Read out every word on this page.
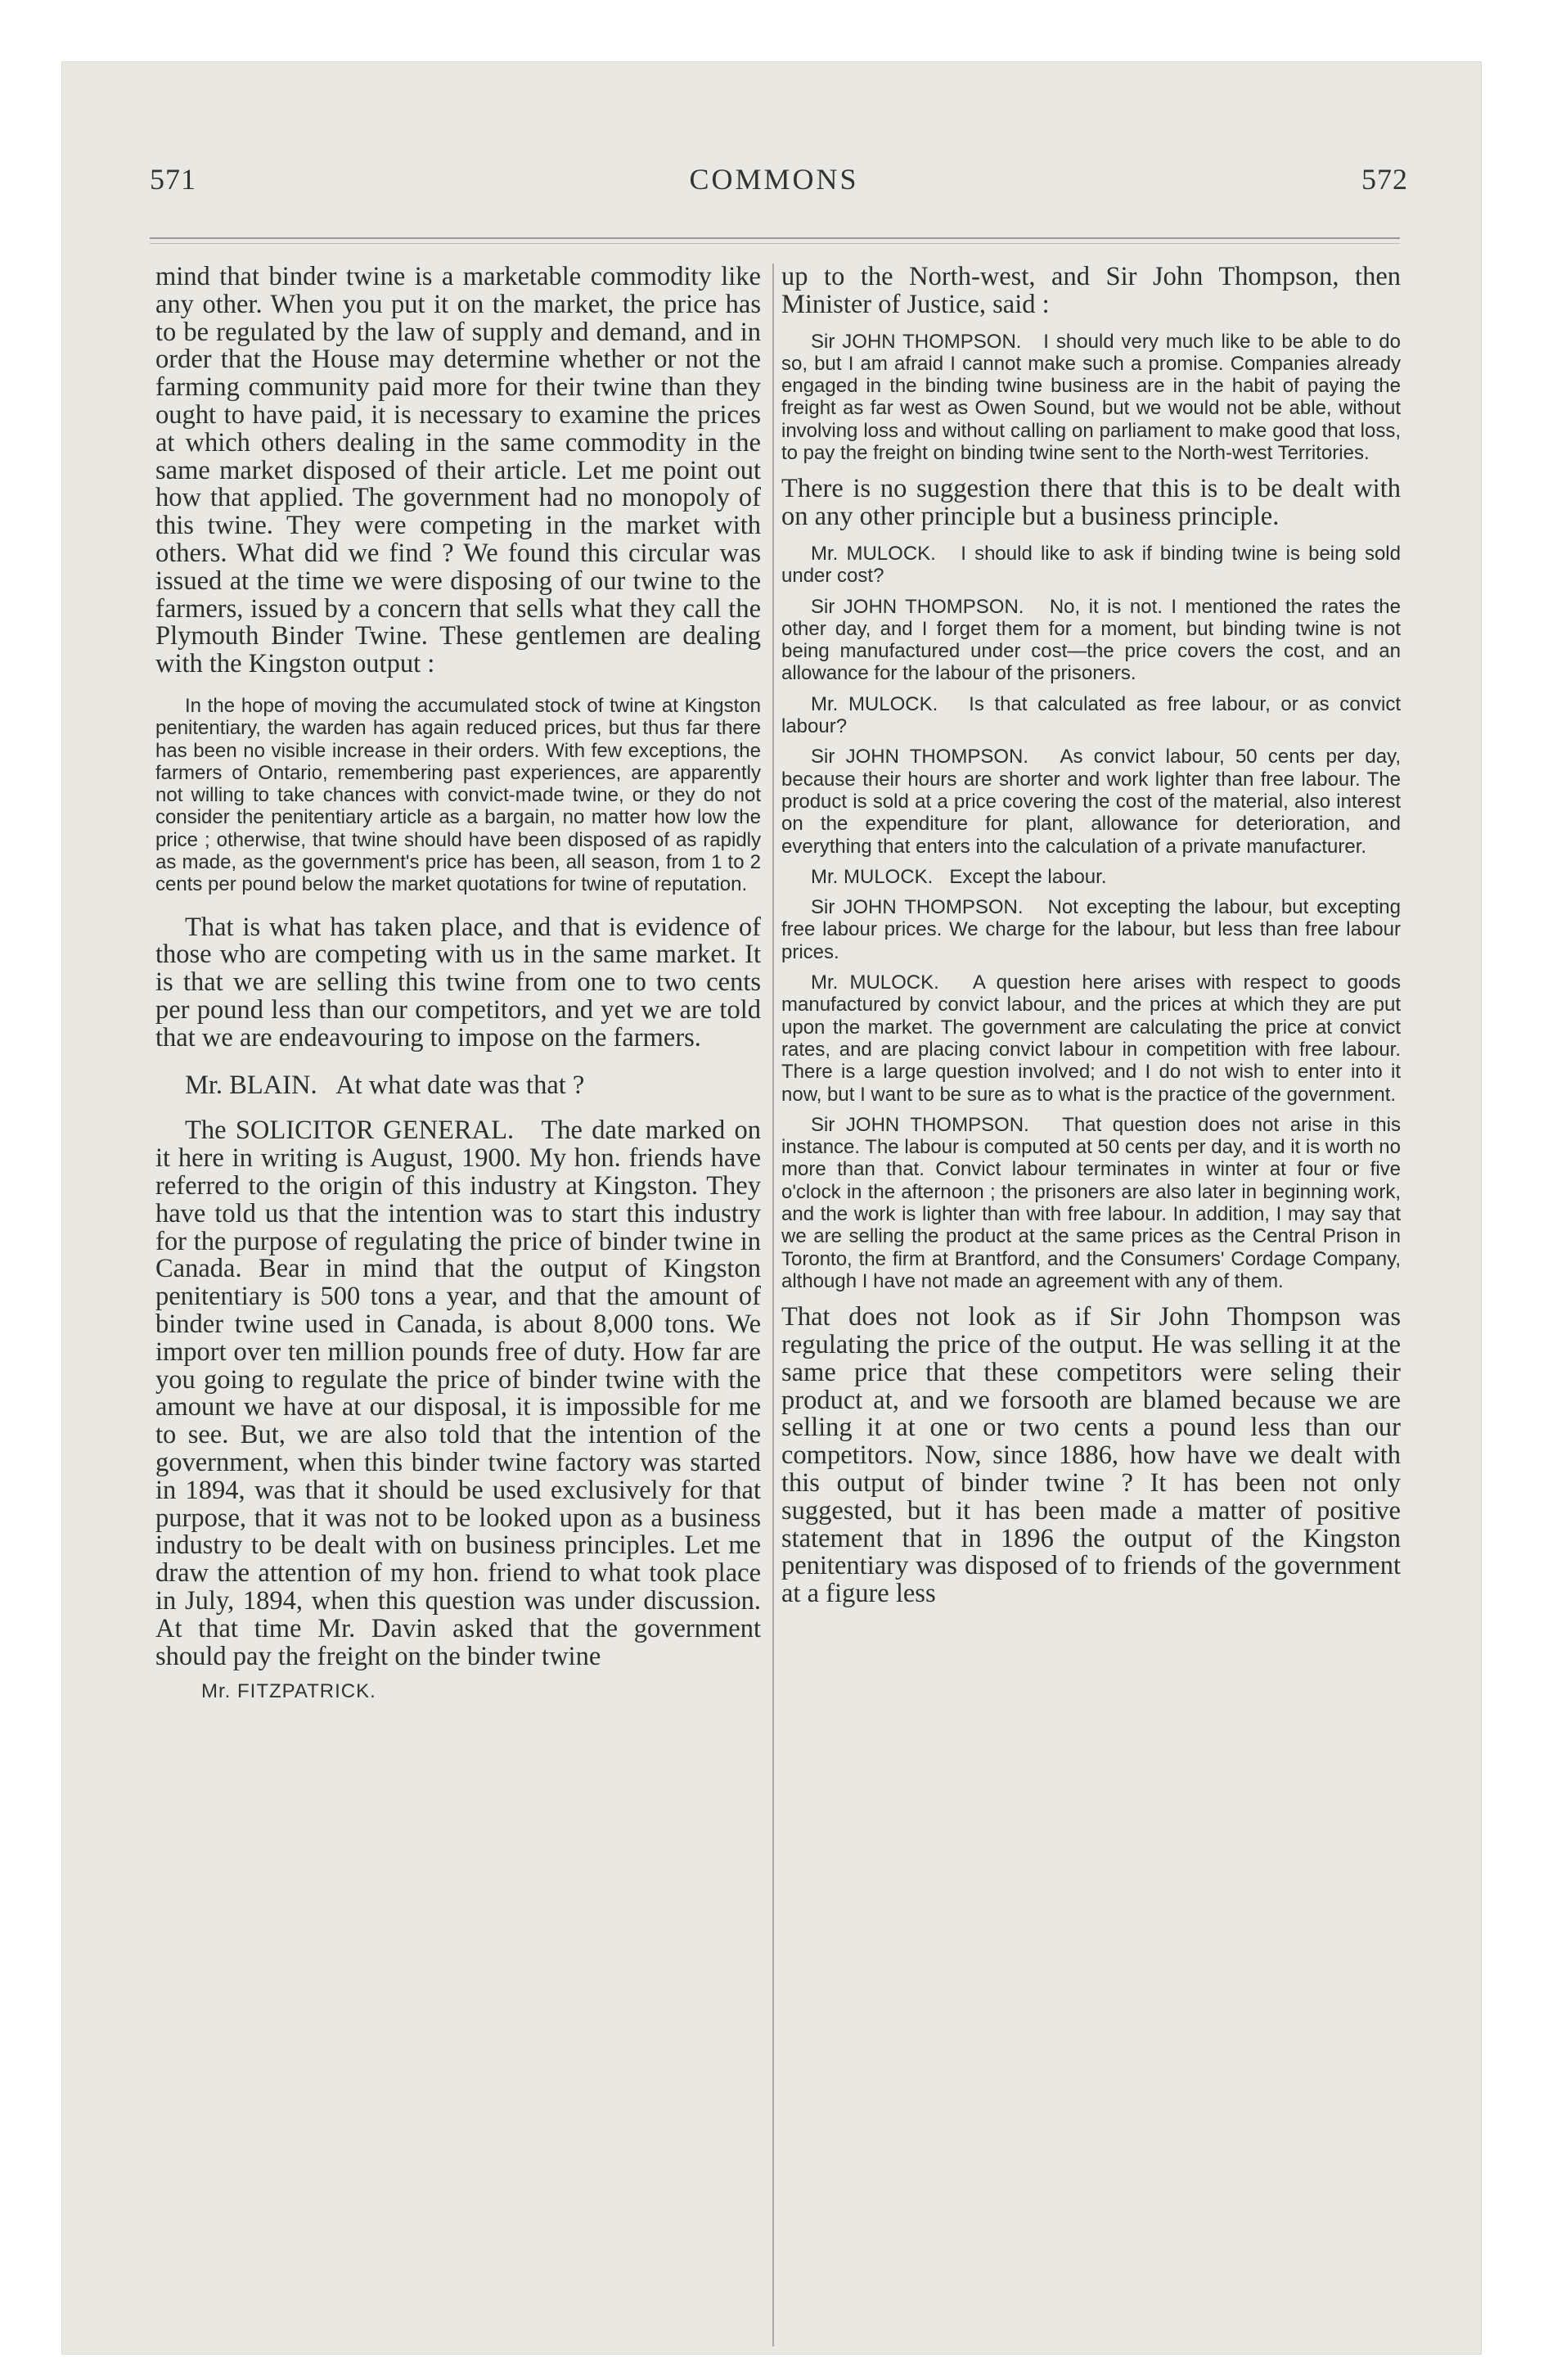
571	COMMONS	572

mind that binder twine is a marketable commodity like any other. When you put it on the market, the price has to be regulated by the law of supply and demand, and in order that the House may determine whether or not the farming community paid more for their twine than they ought to have paid, it is necessary to examine the prices at which others dealing in the same commodity in the same market disposed of their article. Let me point out how that applied. The government had no monopoly of this twine. They were competing in the market with others. What did we find ? We found this circular was issued at the time we were disposing of our twine to the farmers, issued by a concern that sells what they call the Plymouth Binder Twine. These gentlemen are dealing with the Kingston output :

In the hope of moving the accumulated stock of twine at Kingston penitentiary, the warden has again reduced prices, but thus far there has been no visible increase in their orders. With few exceptions, the farmers of Ontario, remembering past experiences, are apparently not willing to take chances with convict-made twine, or they do not consider the penitentiary article as a bargain, no matter how low the price ; otherwise, that twine should have been disposed of as rapidly as made, as the government's price has been, all season, from 1 to 2 cents per pound below the market quotations for twine of reputation.

That is what has taken place, and that is evidence of those who are competing with us in the same market. It is that we are selling this twine from one to two cents per pound less than our competitors, and yet we are told that we are endeavouring to impose on the farmers.

Mr. BLAIN. At what date was that ?

The SOLICITOR GENERAL. The date marked on it here in writing is August, 1900. My hon. friends have referred to the origin of this industry at Kingston. They have told us that the intention was to start this industry for the purpose of regulating the price of binder twine in Canada. Bear in mind that the output of Kingston penitentiary is 500 tons a year, and that the amount of binder twine used in Canada, is about 8,000 tons. We import over ten million pounds free of duty. How far are you going to regulate the price of binder twine with the amount we have at our disposal, it is impossible for me to see. But, we are also told that the intention of the government, when this binder twine factory was started in 1894, was that it should be used exclusively for that purpose, that it was not to be looked upon as a business industry to be dealt with on business principles. Let me draw the attention of my hon. friend to what took place in July, 1894, when this question was under discussion. At that time Mr. Davin asked that the government should pay the freight on the binder twine

Mr. FITZPATRICK.

up to the North-west, and Sir John Thompson, then Minister of Justice, said :

Sir JOHN THOMPSON. I should very much like to be able to do so, but I am afraid I cannot make such a promise. Companies already engaged in the binding twine business are in the habit of paying the freight as far west as Owen Sound, but we would not be able, without involving loss and without calling on parliament to make good that loss, to pay the freight on binding twine sent to the North-west Territories.

There is no suggestion there that this is to be dealt with on any other principle but a business principle.

Mr. MULOCK. I should like to ask if binding twine is being sold under cost?

Sir JOHN THOMPSON. No, it is not. I mentioned the rates the other day, and I forget them for a moment, but binding twine is not being manufactured under cost—the price covers the cost, and an allowance for the labour of the prisoners.

Mr. MULOCK. Is that calculated as free labour, or as convict labour?

Sir JOHN THOMPSON. As convict labour, 50 cents per day, because their hours are shorter and work lighter than free labour. The product is sold at a price covering the cost of the material, also interest on the expenditure for plant, allowance for deterioration, and everything that enters into the calculation of a private manufacturer.

Mr. MULOCK. Except the labour.

Sir JOHN THOMPSON. Not excepting the labour, but excepting free labour prices. We charge for the labour, but less than free labour prices.

Mr. MULOCK. A question here arises with respect to goods manufactured by convict labour, and the prices at which they are put upon the market. The government are calculating the price at convict rates, and are placing convict labour in competition with free labour. There is a large question involved; and I do not wish to enter into it now, but I want to be sure as to what is the practice of the government.

Sir JOHN THOMPSON. That question does not arise in this instance. The labour is computed at 50 cents per day, and it is worth no more than that. Convict labour terminates in winter at four or five o'clock in the afternoon ; the prisoners are also later in beginning work, and the work is lighter than with free labour. In addition, I may say that we are selling the product at the same prices as the Central Prison in Toronto, the firm at Brantford, and the Consumers' Cordage Company, although I have not made an agreement with any of them.

That does not look as if Sir John Thompson was regulating the price of the output. He was selling it at the same price that these competitors were seling their product at, and we forsooth are blamed because we are selling it at one or two cents a pound less than our competitors. Now, since 1886, how have we dealt with this output of binder twine ? It has been not only suggested, but it has been made a matter of positive statement that in 1896 the output of the Kingston penitentiary was disposed of to friends of the government at a figure less
